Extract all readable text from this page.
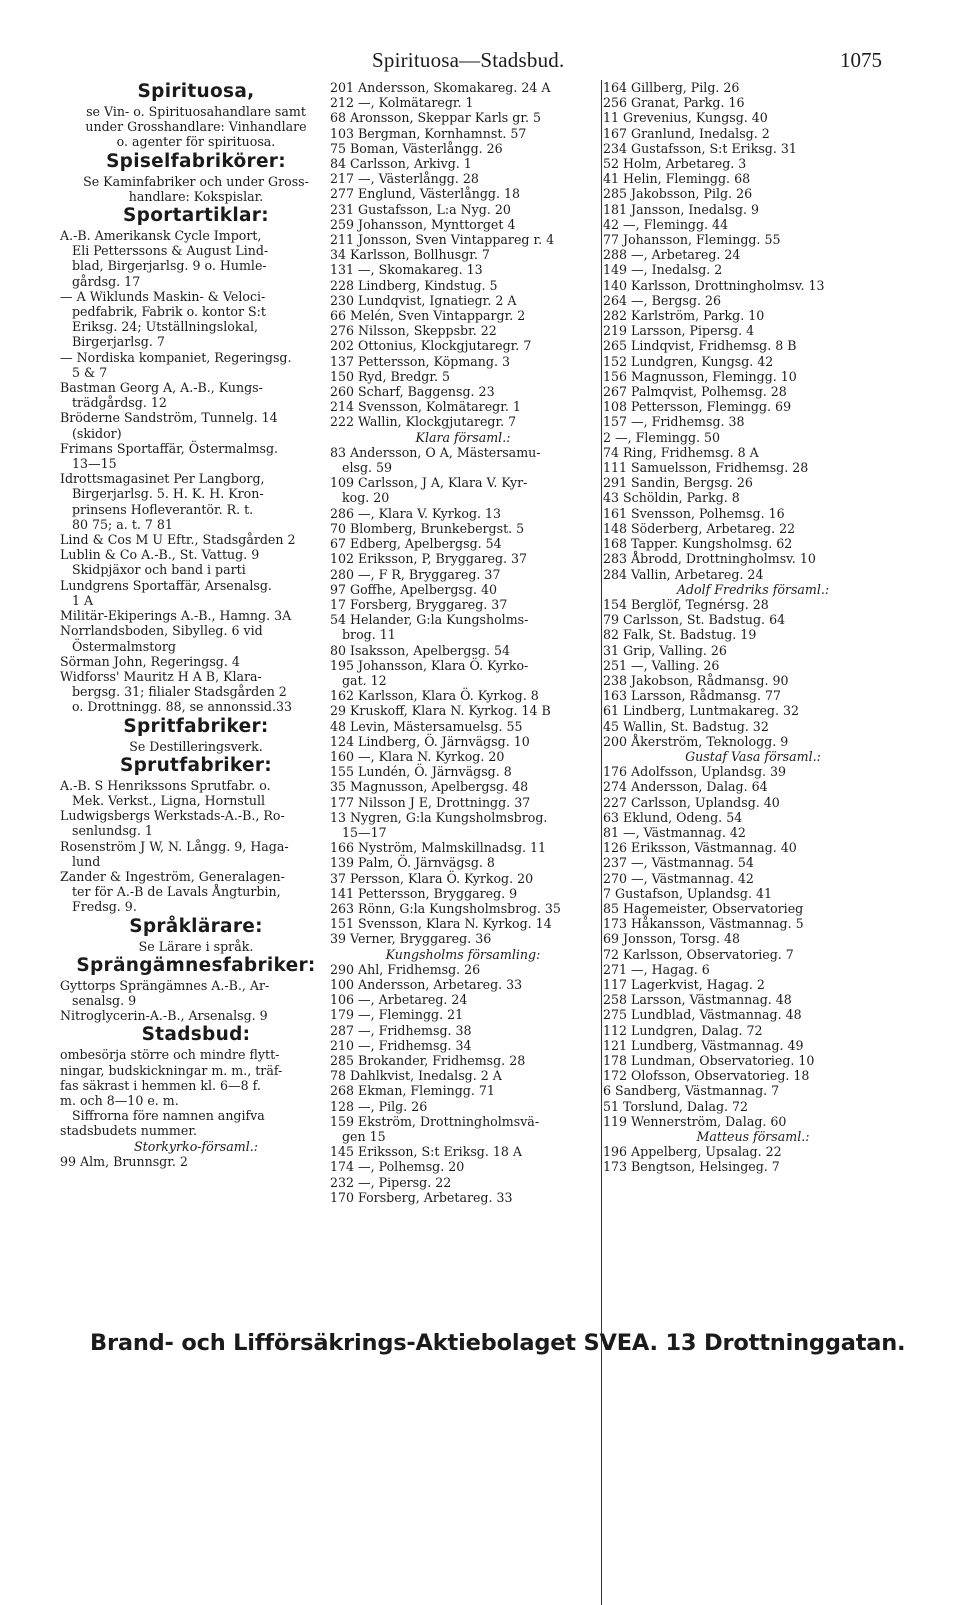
Spirituosa—Stadsbud.	1075
Spirituosa,
se Vin- o. Spirituosahandlare samt
under Grosshandlare: Vinhandlare
o. agenter för spirituosa.
Spiselfabrikörer:
Se Kaminfabriker och under Gross-
handlare: Kokspislar.
Sportartiklar:
A.-B. Amerikansk Cycle Import,
Eli Petterssons & August Lind-
blad, Birgerjarlsg. 9 o. Humle-
gårdsg. 17
— A Wiklunds Maskin- & Veloci-
pedfabrik, Fabrik o. kontor S:t
Eriksg. 24; Utställningslokal,
Birgerjarlsg. 7
— Nordiska kompaniet, Regeringsg.
5 & 7
Bastman Georg A, A.-B., Kungs-
trädgårdsg. 12
Bröderne Sandström, Tunnelg. 14
(skidor)
Frimans Sportaffär, Östermalmsg.
13—15
Idrottsmagasinet Per Langborg,
Birgerjarlsg. 5. H. K. H. Kron-
prinsens Hofleverantör. R. t.
80 75; a. t. 7 81
Lind & Cos M U Eftr., Stadsgården 2
Lublin & Co A.-B., St. Vattug. 9
Skidpjäxor och band i parti
Lundgrens Sportaffär, Arsenalsg.
1 A
Militär-Ekiperings A.-B., Hamng. 3A
Norrlandsboden, Sibylleg. 6 vid
Östermalmstorg
Sörman John, Regeringsg. 4
Widforss' Mauritz H A B, Klara-
bergsg. 31; filialer Stadsgården 2
o. Drottningg. 88, se annonssid.33
Spritfabriker:
Se Destilleringsverk.
Sprutfabriker:
A.-B. S Henrikssons Sprutfabr. o.
Mek. Verkst., Ligna, Hornstull
Ludwigsbergs Werkstads-A.-B., Ro-
senlundsg. 1
Rosenström J W, N. Långg. 9, Haga-
lund
Zander & Ingeström, Generalagen-
ter för A.-B de Lavals Ångturbin,
Fredsg. 9.
Språklärare:
Se Lärare i språk.
Sprängämnesfabriker:
Gyttorps Sprängämnes A.-B., Ar-
senalsg. 9
Nitroglycerin-A.-B., Arsenalsg. 9
Stadsbud:
ombesörja större och mindre flytt-
ningar, budskickningar m. m., träf-
fas säkrast i hemmen kl. 6—8 f.
m. och 8—10 e. m.
Siffrorna före namnen angifva
stadsbudets nummer.
Storkyrko-församl.:
99 Alm, Brunnsgr. 2
201 Andersson, Skomakareg. 24 A
212 —, Kolmätaregr. 1
68 Aronsson, Skeppar Karls gr. 5
103 Bergman, Kornhamnst. 57
75 Boman, Västerlångg. 26
84 Carlsson, Arkivg. 1
217 —, Västerlångg. 28
277 Englund, Västerlångg. 18
231 Gustafsson, L:a Nyg. 20
259 Johansson, Mynttorget 4
211 Jonsson, Sven Vintappareg r. 4
34 Karlsson, Bollhusgr. 7
131 —, Skomakareg. 13
228 Lindberg, Kindstug. 5
230 Lundqvist, Ignatiegr. 2 A
66 Melén, Sven Vintappargr. 2
276 Nilsson, Skeppsbr. 22
202 Ottonius, Klockgjutaregr. 7
137 Pettersson, Köpmang. 3
150 Ryd, Bredgr. 5
260 Scharf, Baggensg. 23
214 Svensson, Kolmätaregr. 1
222 Wallin, Klockgjutaregr. 7
Klara församl.:
83 Andersson, O A, Mästersamu-
elsg. 59
109 Carlsson, J A, Klara V. Kyr-
kog. 20
286 —, Klara V. Kyrkog. 13
70 Blomberg, Brunkebergst. 5
67 Edberg, Apelbergsg. 54
102 Eriksson, P, Bryggareg. 37
280 —, F R, Bryggareg. 37
97 Goffhe, Apelbergsg. 40
17 Forsberg, Bryggareg. 37
54 Helander, G:la Kungsholms-
brog. 11
80 Isaksson, Apelbergsg. 54
195 Johansson, Klara Ö. Kyrko-
gat. 12
162 Karlsson, Klara Ö. Kyrkog. 8
29 Kruskoff, Klara N. Kyrkog. 14 B
48 Levin, Mästersamuelsg. 55
124 Lindberg, Ö. Järnvägsg. 10
160 —, Klara N. Kyrkog. 20
155 Lundén, Ö. Järnvägsg. 8
35 Magnusson, Apelbergsg. 48
177 Nilsson J E, Drottningg. 37
13 Nygren, G:la Kungsholmsbrog.
15—17
166 Nyström, Malmskillnadsg. 11
139 Palm, Ö. Järnvägsg. 8
37 Persson, Klara Ö. Kyrkog. 20
141 Pettersson, Bryggareg. 9
263 Rönn, G:la Kungsholmsbrog. 35
151 Svensson, Klara N. Kyrkog. 14
39 Verner, Bryggareg. 36
Kungsholms församling:
290 Ahl, Fridhemsg. 26
100 Andersson, Arbetareg. 33
106 —, Arbetareg. 24
179 —, Flemingg. 21
287 —, Fridhemsg. 38
210 —, Fridhemsg. 34
285 Brokander, Fridhemsg. 28
78 Dahlkvist, Inedalsg. 2 A
268 Ekman, Flemingg. 71
128 —, Pilg. 26
159 Ekström, Drottningholmsvä-
gen 15
145 Eriksson, S:t Eriksg. 18 A
174 —, Polhemsg. 20
232 —, Pipersg. 22
170 Forsberg, Arbetareg. 33
164 Gillberg, Pilg. 26
256 Granat, Parkg. 16
11 Grevenius, Kungsg. 40
167 Granlund, Inedalsg. 2
234 Gustafsson, S:t Eriksg. 31
52 Holm, Arbetareg. 3
41 Helin, Flemingg. 68
285 Jakobsson, Pilg. 26
181 Jansson, Inedalsg. 9
42 —, Flemingg. 44
77 Johansson, Flemingg. 55
288 —, Arbetareg. 24
149 —, Inedalsg. 2
140 Karlsson, Drottningholmsv. 13
264 —, Bergsg. 26
282 Karlström, Parkg. 10
219 Larsson, Pipersg. 4
265 Lindqvist, Fridhemsg. 8 B
152 Lundgren, Kungsg. 42
156 Magnusson, Flemingg. 10
267 Palmqvist, Polhemsg. 28
108 Pettersson, Flemingg. 69
157 —, Fridhemsg. 38
2 —, Flemingg. 50
74 Ring, Fridhemsg. 8 A
111 Samuelsson, Fridhemsg. 28
291 Sandin, Bergsg. 26
43 Schöldin, Parkg. 8
161 Svensson, Polhemsg. 16
148 Söderberg, Arbetareg. 22
168 Tapper. Kungsholmsg. 62
283 Åbrodd, Drottningholmsv. 10
284 Vallin, Arbetareg. 24
Adolf Fredriks församl.:
154 Berglöf, Tegnérsg. 28
79 Carlsson, St. Badstug. 64
82 Falk, St. Badstug. 19
31 Grip, Valling. 26
251 —, Valling. 26
238 Jakobson, Rådmansg. 90
163 Larsson, Rådmansg. 77
61 Lindberg, Luntmakareg. 32
45 Wallin, St. Badstug. 32
200 Åkerström, Teknologg. 9
Gustaf Vasa församl.:
176 Adolfsson, Uplandsg. 39
274 Andersson, Dalag. 64
227 Carlsson, Uplandsg. 40
63 Eklund, Odeng. 54
81 —, Västmannag. 42
126 Eriksson, Västmannag. 40
237 —, Västmannag. 54
270 —, Västmannag. 42
7 Gustafson, Uplandsg. 41
85 Hagemeister, Observatorieg
173 Håkansson, Västmannag. 5
69 Jonsson, Torsg. 48
72 Karlsson, Observatorieg. 7
271 —, Hagag. 6
117 Lagerkvist, Hagag. 2
258 Larsson, Västmannag. 48
275 Lundblad, Västmannag. 48
112 Lundgren, Dalag. 72
121 Lundberg, Västmannag. 49
178 Lundman, Observatorieg. 10
172 Olofsson, Observatorieg. 18
6 Sandberg, Västmannag. 7
51 Torslund, Dalag. 72
119 Wennerström, Dalag. 60
Matteus församl.:
196 Appelberg, Upsalag. 22
173 Bengtson, Helsingeg. 7
Brand- och Lifförsäkrings-Aktiebolaget SVEA. 13 Drottninggatan.
